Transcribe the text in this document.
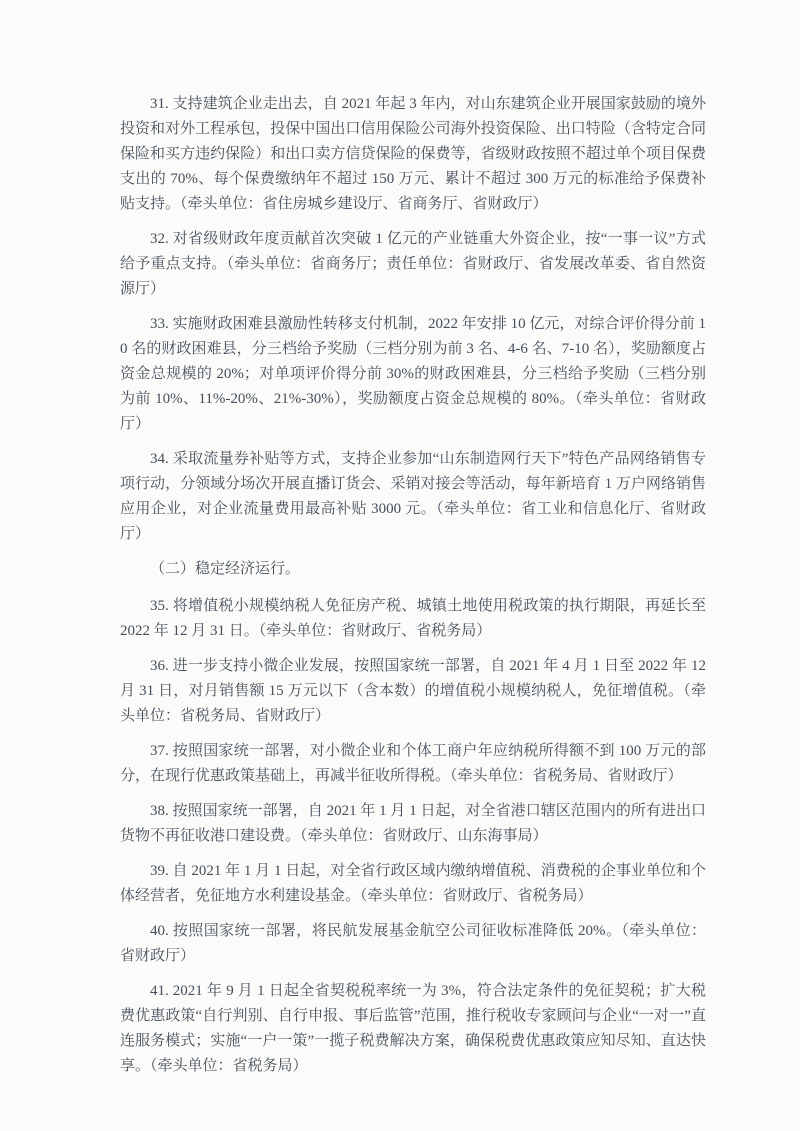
31. 支持建筑企业走出去，自 2021 年起 3 年内，对山东建筑企业开展国家鼓励的境外投资和对外工程承包，投保中国出口信用保险公司海外投资保险、出口特险（含特定合同保险和买方违约保险）和出口卖方信贷保险的保费等，省级财政按照不超过单个项目保费支出的 70%、每个保费缴纳年不超过 150 万元、累计不超过 300 万元的标准给予保费补贴支持。（牵头单位：省住房城乡建设厅、省商务厅、省财政厅）

32. 对省级财政年度贡献首次突破 1 亿元的产业链重大外资企业，按“一事一议”方式给予重点支持。（牵头单位：省商务厅；责任单位：省财政厅、省发展改革委、省自然资源厅）

33. 实施财政困难县激励性转移支付机制，2022 年安排 10 亿元，对综合评价得分前 10 名的财政困难县，分三档给予奖励（三档分别为前 3 名、4-6 名、7-10 名），奖励额度占资金总规模的 20%；对单项评价得分前 30%的财政困难县，分三档给予奖励（三档分别为前 10%、11%-20%、21%-30%），奖励额度占资金总规模的 80%。（牵头单位：省财政厅）

34. 采取流量券补贴等方式，支持企业参加“山东制造网行天下”特色产品网络销售专项行动，分领域分场次开展直播订货会、采销对接会等活动，每年新培育 1 万户网络销售应用企业，对企业流量费用最高补贴 3000 元。（牵头单位：省工业和信息化厅、省财政厅）

（二）稳定经济运行。

35. 将增值税小规模纳税人免征房产税、城镇土地使用税政策的执行期限，再延长至 2022 年 12 月 31 日。（牵头单位：省财政厅、省税务局）

36. 进一步支持小微企业发展，按照国家统一部署，自 2021 年 4 月 1 日至 2022 年 12 月 31 日，对月销售额 15 万元以下（含本数）的增值税小规模纳税人，免征增值税。（牵头单位：省税务局、省财政厅）

37. 按照国家统一部署，对小微企业和个体工商户年应纳税所得额不到 100 万元的部分，在现行优惠政策基础上，再减半征收所得税。（牵头单位：省税务局、省财政厅）

38. 按照国家统一部署，自 2021 年 1 月 1 日起，对全省港口辖区范围内的所有进出口货物不再征收港口建设费。（牵头单位：省财政厅、山东海事局）

39. 自 2021 年 1 月 1 日起，对全省行政区域内缴纳增值税、消费税的企事业单位和个体经营者，免征地方水利建设基金。（牵头单位：省财政厅、省税务局）

40. 按照国家统一部署，将民航发展基金航空公司征收标准降低 20%。（牵头单位：省财政厅）

41. 2021 年 9 月 1 日起全省契税税率统一为 3%，符合法定条件的免征契税；扩大税费优惠政策“自行判别、自行申报、事后监管”范围，推行税收专家顾问与企业“一对一”直连服务模式；实施“一户一策”一揽子税费解决方案，确保税费优惠政策应知尽知、直达快享。（牵头单位：省税务局）
